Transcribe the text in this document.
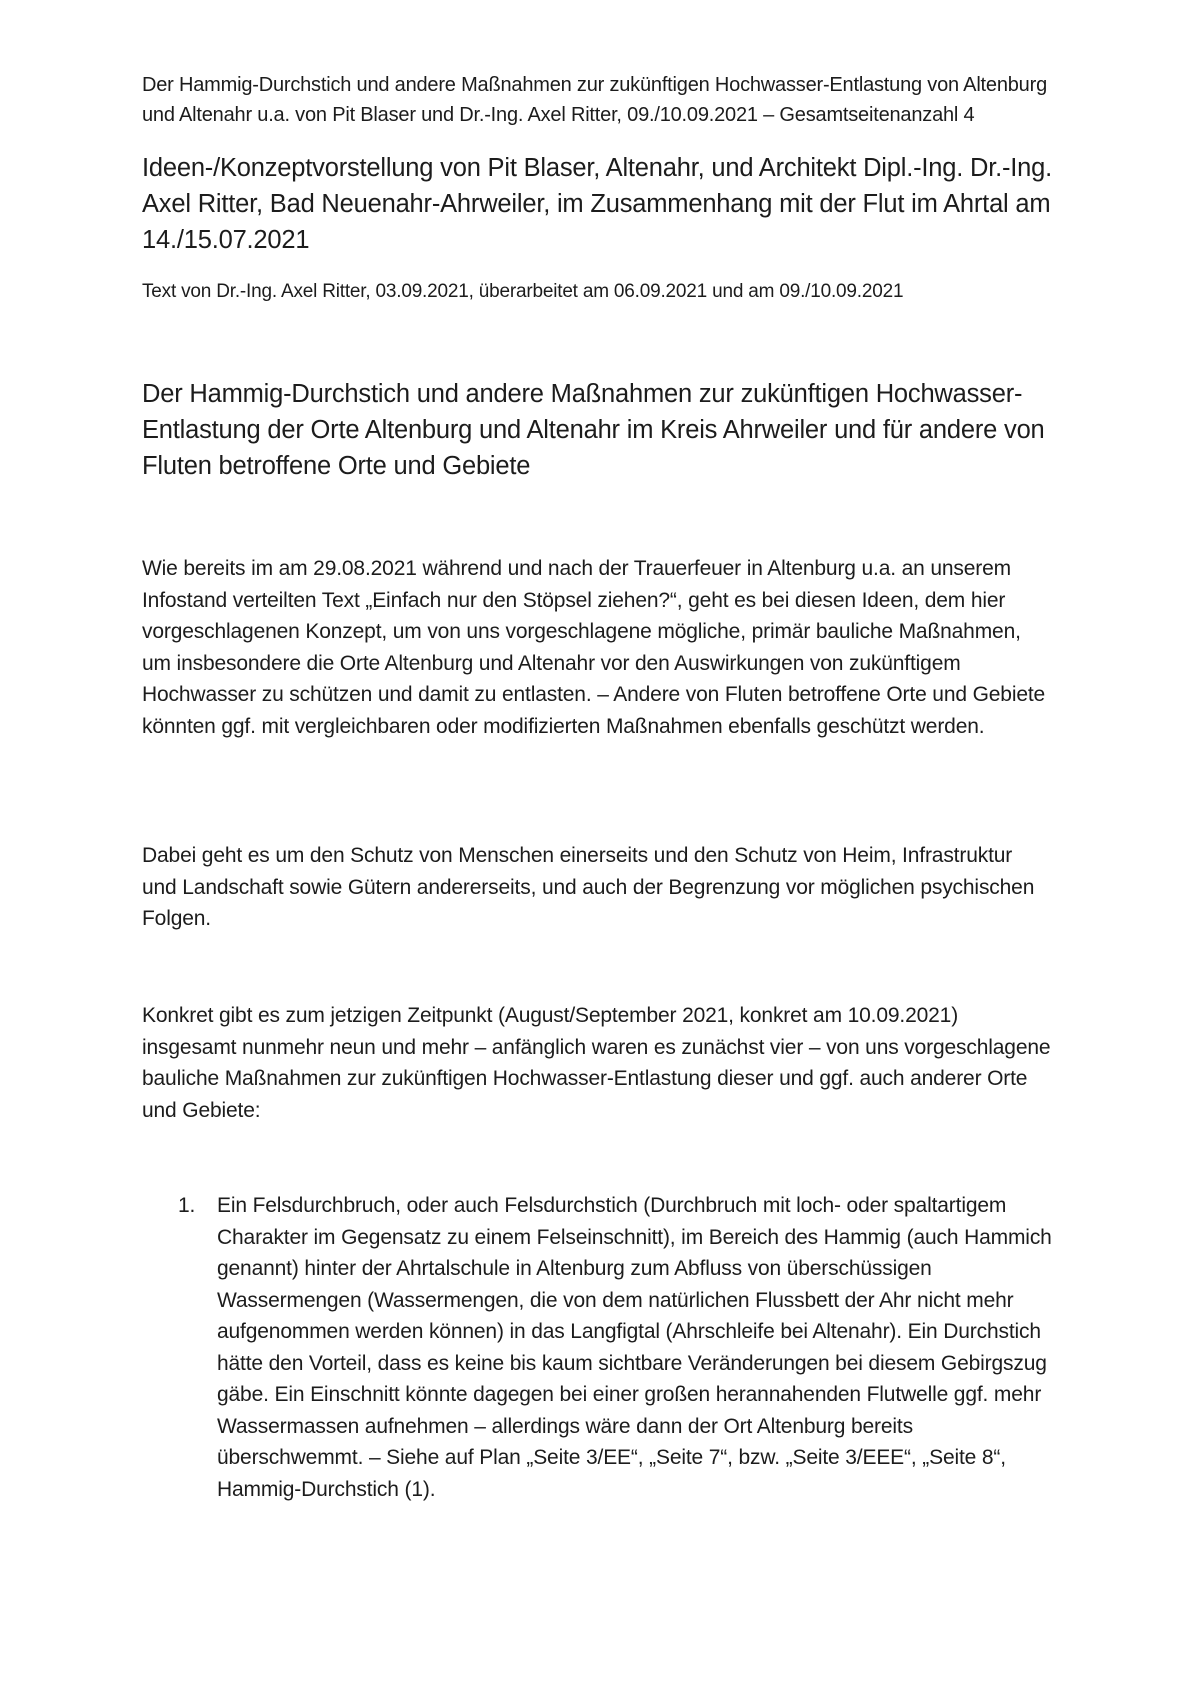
Der Hammig-Durchstich und andere Maßnahmen zur zukünftigen Hochwasser-Entlastung von Altenburg und Altenahr u.a. von Pit Blaser und Dr.-Ing. Axel Ritter, 09./10.09.2021 – Gesamtseitenanzahl 4
Ideen-/Konzeptvorstellung von Pit Blaser, Altenahr, und Architekt Dipl.-Ing. Dr.-Ing. Axel Ritter, Bad Neuenahr-Ahrweiler, im Zusammenhang mit der Flut im Ahrtal am 14./15.07.2021
Text von Dr.-Ing. Axel Ritter, 03.09.2021, überarbeitet am 06.09.2021 und am 09./10.09.2021
Der Hammig-Durchstich und andere Maßnahmen zur zukünftigen Hochwasser-Entlastung der Orte Altenburg und Altenahr im Kreis Ahrweiler und für andere von Fluten betroffene Orte und Gebiete

Wie bereits im am 29.08.2021 während und nach der Trauerfeuer in Altenburg u.a. an unserem Infostand verteilten Text „Einfach nur den Stöpsel ziehen?“, geht es bei diesen Ideen, dem hier vorgeschlagenen Konzept, um von uns vorgeschlagene mögliche, primär bauliche Maßnahmen, um insbesondere die Orte Altenburg und Altenahr vor den Auswirkungen von zukünftigem Hochwasser zu schützen und damit zu entlasten. – Andere von Fluten betroffene Orte und Gebiete könnten ggf. mit vergleichbaren oder modifizierten Maßnahmen ebenfalls geschützt werden.

Dabei geht es um den Schutz von Menschen einerseits und den Schutz von Heim, Infrastruktur und Landschaft sowie Gütern andererseits, und auch der Begrenzung vor möglichen psychischen Folgen.

Konkret gibt es zum jetzigen Zeitpunkt (August/September 2021, konkret am 10.09.2021) insgesamt nunmehr neun und mehr – anfänglich waren es zunächst vier – von uns vorgeschlagene bauliche Maßnahmen zur zukünftigen Hochwasser-Entlastung dieser und ggf. auch anderer Orte und Gebiete:

1. Ein Felsdurchbruch, oder auch Felsdurchstich (Durchbruch mit loch- oder spaltartigem Charakter im Gegensatz zu einem Felseinschnitt), im Bereich des Hammig (auch Hammich genannt) hinter der Ahrtalschule in Altenburg zum Abfluss von überschüssigen Wassermengen (Wassermengen, die von dem natürlichen Flussbett der Ahr nicht mehr aufgenommen werden können) in das Langfigtal (Ahrschleife bei Altenahr). Ein Durchstich hätte den Vorteil, dass es keine bis kaum sichtbare Veränderungen bei diesem Gebirgszug gäbe. Ein Einschnitt könnte dagegen bei einer großen herannahenden Flutwelle ggf. mehr Wassermassen aufnehmen – allerdings wäre dann der Ort Altenburg bereits überschwemmt. – Siehe auf Plan „Seite 3/EE“, „Seite 7“, bzw. „Seite 3/EEE“, „Seite 8“, Hammig-Durchstich (1).
